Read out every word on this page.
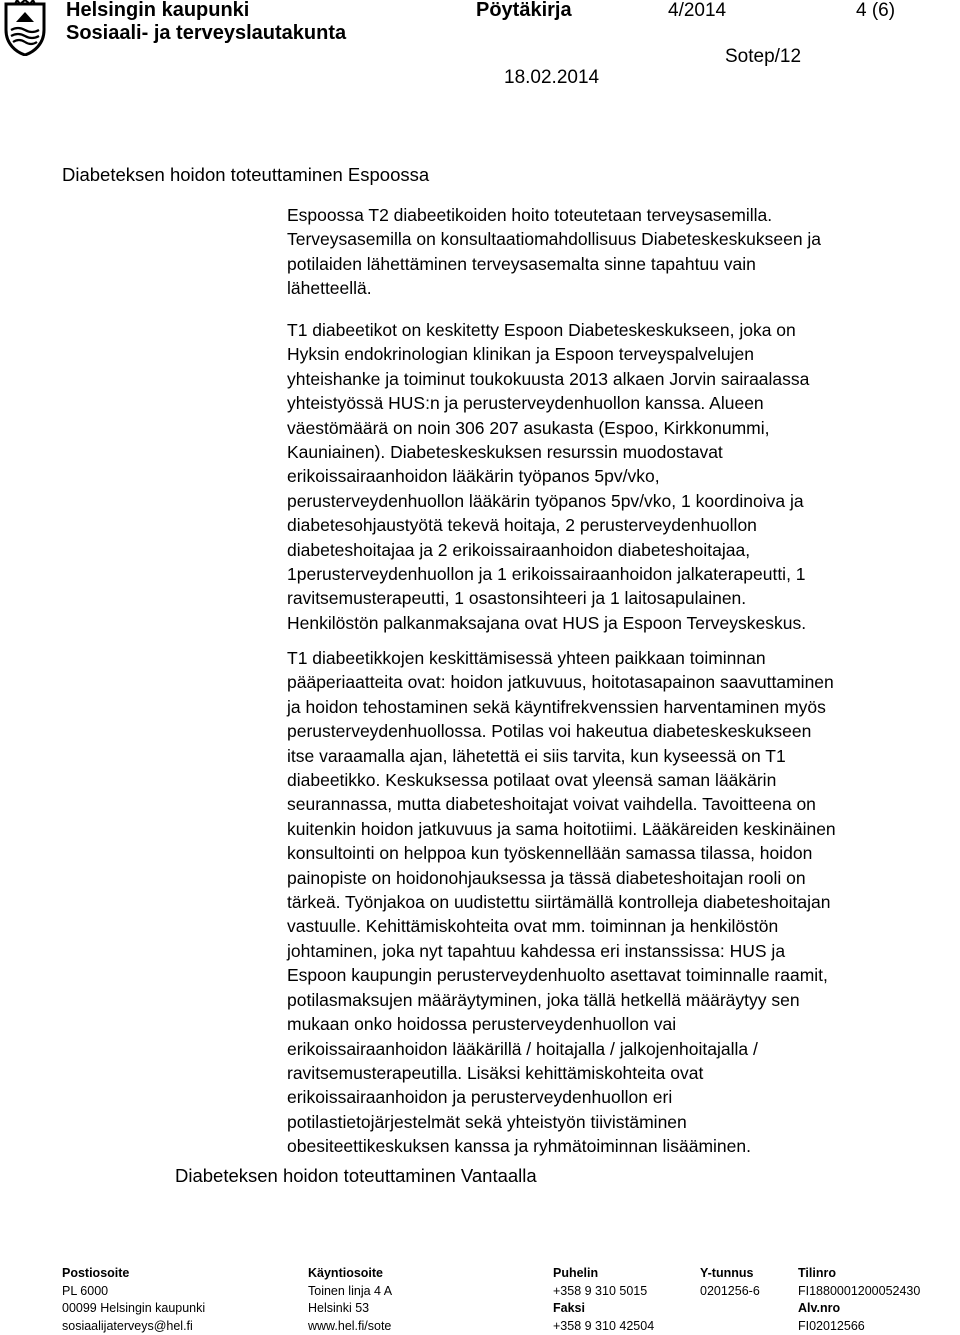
Helsingin kaupunki
Sosiaali- ja terveyslautakunta
Pöytäkirja	4/2014	4 (6)
Sotep/12
18.02.2014
Diabeteksen hoidon toteuttaminen Espoossa
Espoossa T2 diabeetikoiden hoito toteutetaan terveysasemilla.
Terveysasemilla on konsultaatiomahdollisuus Diabeteskeskukseen ja
potilaiden lähettäminen terveysasemalta sinne tapahtuu vain
lähetteellä.
T1 diabeetikot on keskitetty Espoon Diabeteskeskukseen, joka on
Hyksin endokrinologian klinikan ja Espoon terveyspalvelujen
yhteishanke ja toiminut toukokuusta 2013 alkaen Jorvin sairaalassa
yhteistyössä HUS:n ja perusterveydenhuollon kanssa. Alueen
väestömäärä on noin 306 207 asukasta (Espoo, Kirkkonummi,
Kauniainen). Diabeteskeskuksen resurssin muodostavat
erikoissairaanhoidon lääkärin työpanos 5pv/vko,
perusterveydenhuollon lääkärin työpanos 5pv/vko, 1 koordinoiva ja
diabetesohjaustyötä tekevä hoitaja, 2 perusterveydenhuollon
diabeteshoitajaa ja 2 erikoissairaanhoidon diabeteshoitajaa,
1perusterveydenhuollon ja 1 erikoissairaanhoidon jalkaterapeutti, 1
ravitsemusterapeutti, 1 osastonsihteeri ja 1 laitosapulainen.
Henkilöstön palkanmaksajana ovat HUS ja Espoon Terveyskeskus.
T1 diabeetikkojen keskittämisessä yhteen paikkaan toiminnan
pääperiaatteita ovat: hoidon jatkuvuus, hoitotasapainon saavuttaminen
ja hoidon tehostaminen sekä käyntifrekvenssien harventaminen myös
perusterveydenhuollossa. Potilas voi hakeutua diabeteskeskukseen
itse varaamalla ajan, lähetettä ei siis tarvita, kun kyseessä on T1
diabeetikko. Keskuksessa potilaat ovat yleensä saman lääkärin
seurannassa, mutta diabeteshoitajat voivat vaihdella. Tavoitteena on
kuitenkin hoidon jatkuvuus ja sama hoitotiimi. Lääkäreiden keskinäinen
konsultointi on helppoa kun työskennellään samassa tilassa, hoidon
painopiste on hoidonohjauksessa ja tässä diabeteshoitajan rooli on
tärkeä. Työnjakoa on uudistettu siirtämällä kontrolleja diabeteshoitajan
vastuulle. Kehittämiskohteita ovat mm. toiminnan ja henkilöstön
johtaminen, joka nyt tapahtuu kahdessa eri instanssissa: HUS ja
Espoon kaupungin perusterveydenhuolto asettavat toiminnalle raamit,
potilasmaksujen määräytyminen, joka tällä hetkellä määräytyy sen
mukaan onko hoidossa perusterveydenhuollon vai
erikoissairaanhoidon lääkärillä / hoitajalla / jalkojenhoitajalla /
ravitsemusterapeutilla. Lisäksi kehittämiskohteita ovat
erikoissairaanhoidon ja perusterveydenhuollon eri
potilastietojärjestelmät sekä yhteistyön tiivistäminen
obesiteettikeskuksen kanssa ja ryhmätoiminnan lisääminen.
Diabeteksen hoidon toteuttaminen Vantaalla
Postiosoite
PL 6000
00099 Helsingin kaupunki
sosiaalijaterveys@hel.fi
Käyntiosoite
Toinen linja 4 A
Helsinki 53
www.hel.fi/sote
Puhelin
+358 9 310 5015
Faksi
+358 9 310 42504
Y-tunnus
0201256-6
Tilinro
FI1880001200052430
Alv.nro
FI02012566
